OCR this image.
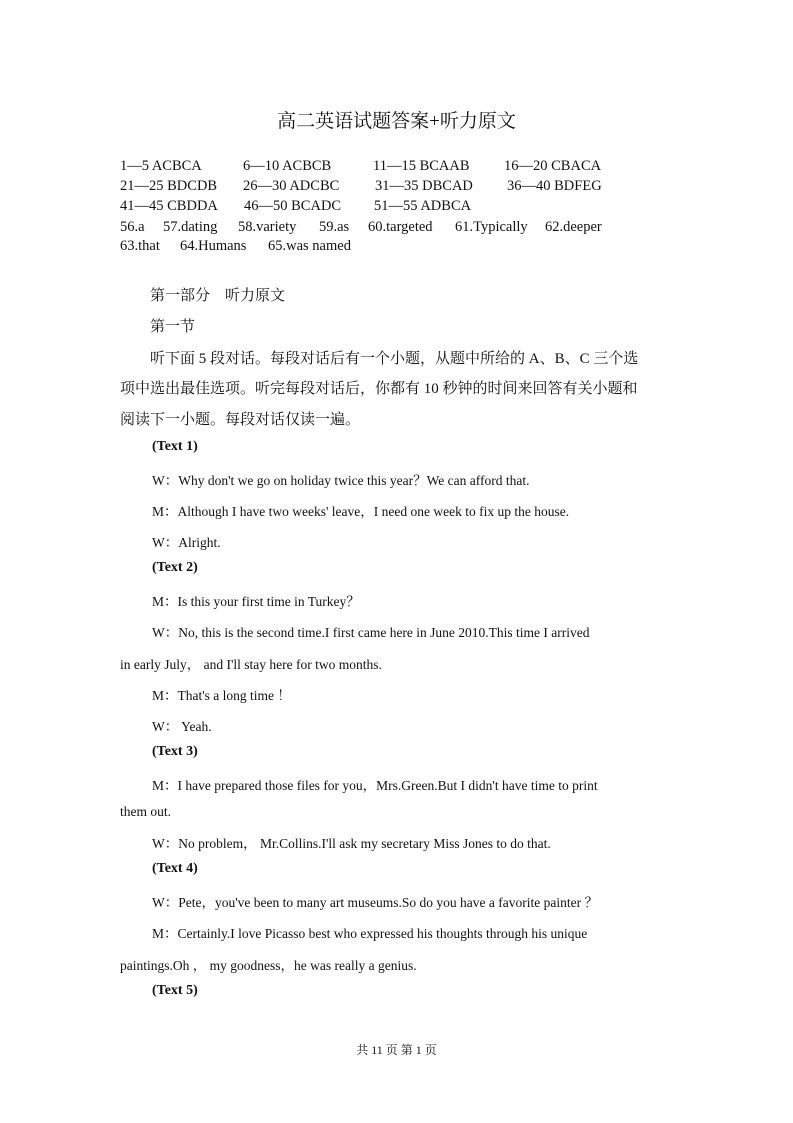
高二英语试题答案+听力原文
1—5 ACBCA	6—10 ACBCB	11—15 BCAAB 16—20 CBACA
21—25 BDCDB 26—30 ADCBC 31—35 DBCAD 36—40 BDFEG
41—45 CBDDA 46—50 BCADC 51—55 ADBCA
56.a 57.dating 58.variety 59.as 60.targeted 61.Typically 62.deeper
63.that 64.Humans 65.was named
第一部分　听力原文
第一节
听下面 5 段对话。每段对话后有一个小题，从题中所给的 A、B、C 三个选
项中选出最佳选项。听完每段对话后，你都有 10 秒钟的时间来回答有关小题和
阅读下一小题。每段对话仅读一遍。
(Text 1)
W：Why don't we go on holiday twice this year？We can afford that.
M：Although I have two weeks' leave，I need one week to fix up the house.
W：Alright.
(Text 2)
M：Is this your first time in Turkey？
W：No, this is the second time.I first came here in June 2010.This time I arrived
in early July， and I'll stay here for two months.
M：That's a long time ！
W： Yeah.
(Text 3)
M：I have prepared those files for you，Mrs.Green.But I didn't have time to print
them out.
W：No problem， Mr.Collins.I'll ask my secretary Miss Jones to do that.
(Text 4)
W：Pete，you've been to many art museums.So do you have a favorite painter ？
M：Certainly.I love Picasso best who expressed his thoughts through his unique
paintings.Oh ， my goodness，he was really a genius.
(Text 5)
共 11 页 第 1 页
